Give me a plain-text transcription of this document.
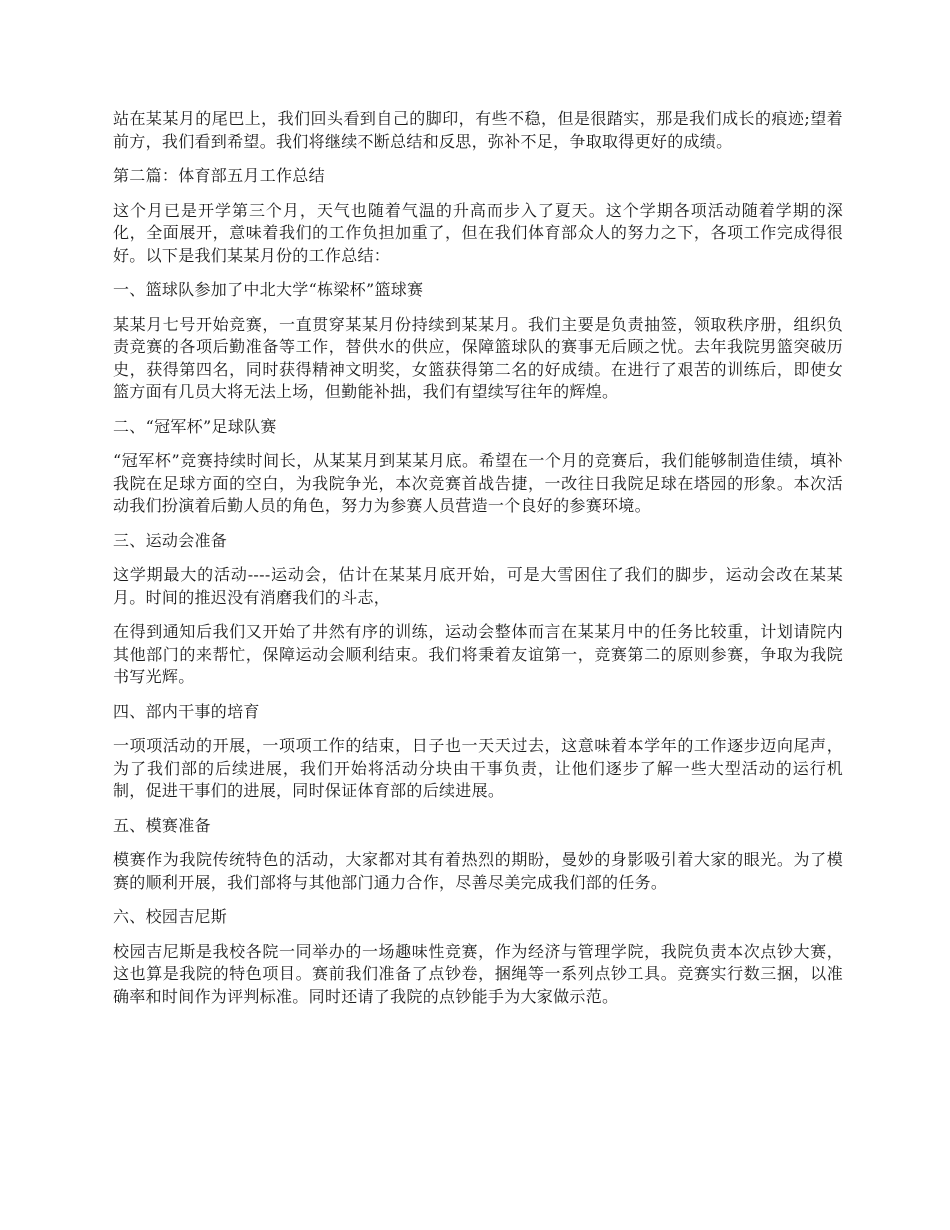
站在某某月的尾巴上，我们回头看到自己的脚印，有些不稳，但是很踏实，那是我们成长的痕迹;望着前方，我们看到希望。我们将继续不断总结和反思，弥补不足，争取取得更好的成绩。

第二篇：体育部五月工作总结

这个月已是开学第三个月，天气也随着气温的升高而步入了夏天。这个学期各项活动随着学期的深化，全面展开，意味着我们的工作负担加重了，但在我们体育部众人的努力之下，各项工作完成得很好。以下是我们某某月份的工作总结：

一、篮球队参加了中北大学“栋梁杯”篮球赛

某某月七号开始竞赛，一直贯穿某某月份持续到某某月。我们主要是负责抽签，领取秩序册，组织负责竞赛的各项后勤准备等工作，替供水的供应，保障篮球队的赛事无后顾之忧。去年我院男篮突破历史，获得第四名，同时获得精神文明奖，女篮获得第二名的好成绩。在进行了艰苦的训练后，即使女篮方面有几员大将无法上场，但勤能补拙，我们有望续写往年的辉煌。

二、“冠军杯”足球队赛

“冠军杯”竞赛持续时间长，从某某月到某某月底。希望在一个月的竞赛后，我们能够制造佳绩，填补我院在足球方面的空白，为我院争光，本次竞赛首战告捷，一改往日我院足球在塔园的形象。本次活动我们扮演着后勤人员的角色，努力为参赛人员营造一个良好的参赛环境。

三、运动会准备

这学期最大的活动----运动会，估计在某某月底开始，可是大雪困住了我们的脚步，运动会改在某某月。时间的推迟没有消磨我们的斗志，

在得到通知后我们又开始了井然有序的训练，运动会整体而言在某某月中的任务比较重，计划请院内其他部门的来帮忙，保障运动会顺利结束。我们将秉着友谊第一，竞赛第二的原则参赛，争取为我院书写光辉。

四、部内干事的培育

一项项活动的开展，一项项工作的结束，日子也一天天过去，这意味着本学年的工作逐步迈向尾声，为了我们部的后续进展，我们开始将活动分块由干事负责，让他们逐步了解一些大型活动的运行机制，促进干事们的进展，同时保证体育部的后续进展。

五、模赛准备

模赛作为我院传统特色的活动，大家都对其有着热烈的期盼，曼妙的身影吸引着大家的眼光。为了模赛的顺利开展，我们部将与其他部门通力合作，尽善尽美完成我们部的任务。

六、校园吉尼斯

校园吉尼斯是我校各院一同举办的一场趣味性竞赛，作为经济与管理学院，我院负责本次点钞大赛，这也算是我院的特色项目。赛前我们准备了点钞卷，捆绳等一系列点钞工具。竞赛实行数三捆，以准确率和时间作为评判标准。同时还请了我院的点钞能手为大家做示范。
